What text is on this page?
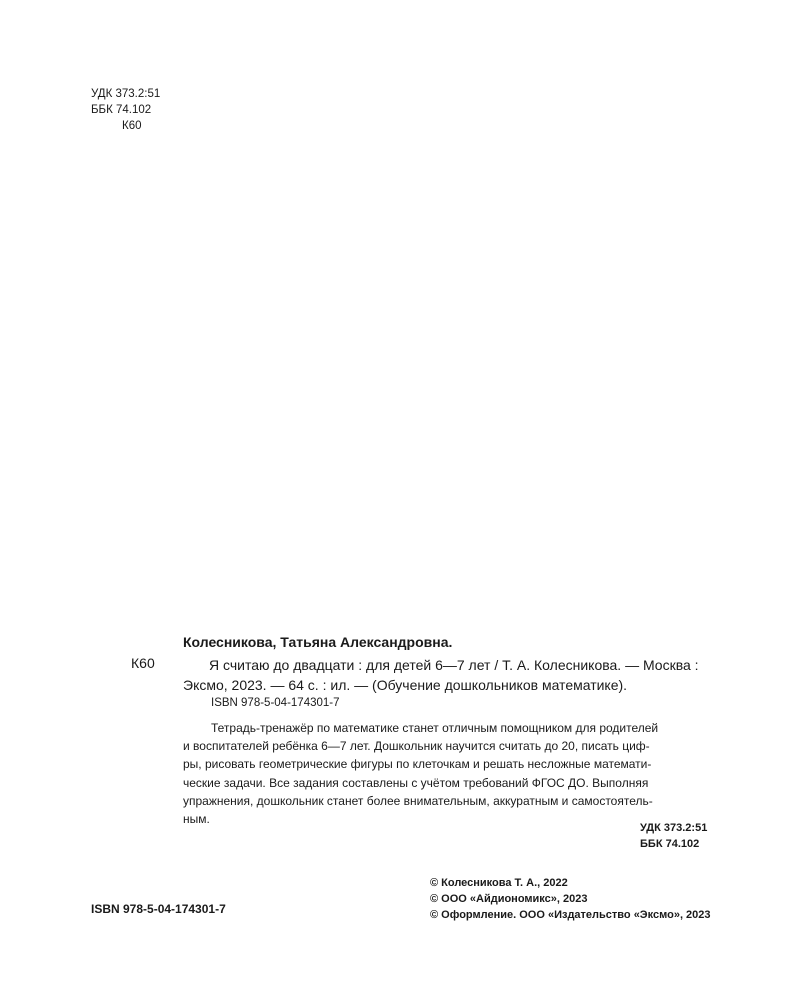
УДК 373.2:51
ББК 74.102
К60
Колесникова, Татьяна Александровна.
К60	Я считаю до двадцати : для детей 6—7 лет / Т. А. Колесникова. — Москва :
Эксмо, 2023. — 64 с. : ил. — (Обучение дошкольников математике).
ISBN 978-5-04-174301-7
Тетрадь-тренажёр по математике станет отличным помощником для родителей
и воспитателей ребёнка 6—7 лет. Дошкольник научится считать до 20, писать циф-
ры, рисовать геометрические фигуры по клеточкам и решать несложные математи-
ческие задачи. Все задания составлены с учётом требований ФГОС ДО. Выполняя
упражнения, дошкольник станет более внимательным, аккуратным и самостоятель-
ным.
УДК 373.2:51
ББК 74.102
ISBN 978-5-04-174301-7
© Колесникова Т. А., 2022
© ООО «Айдиономикс», 2023
© Оформление. ООО «Издательство «Эксмо», 2023
